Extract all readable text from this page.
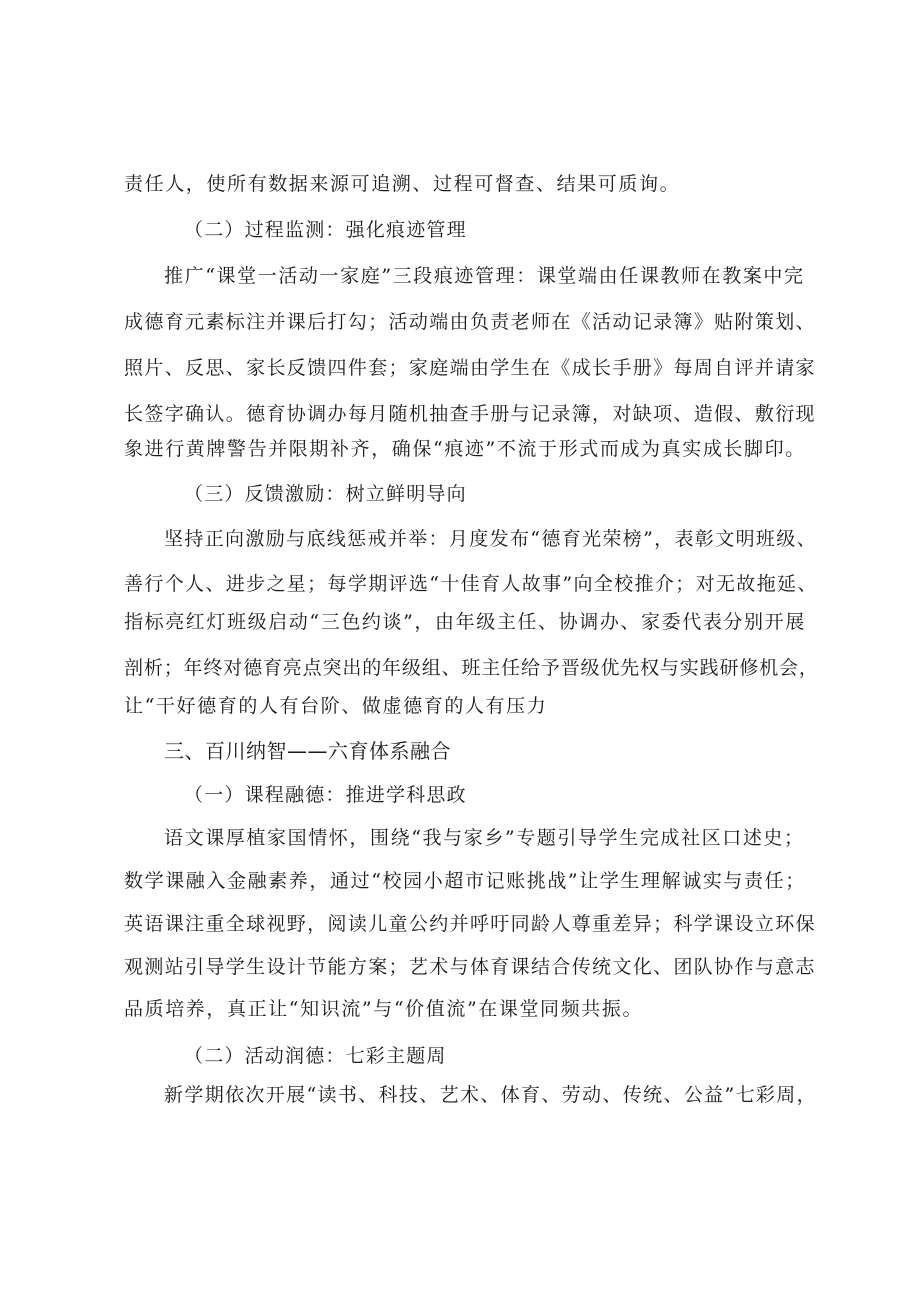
责任人，使所有数据来源可追溯、过程可督查、结果可质询。
（二）过程监测：强化痕迹管理
推广“课堂一活动一家庭”三段痕迹管理：课堂端由任课教师在教案中完
成德育元素标注并课后打勾；活动端由负责老师在《活动记录簿》贴附策划、
照片、反思、家长反馈四件套；家庭端由学生在《成长手册》每周自评并请家
长签字确认。德育协调办每月随机抽查手册与记录簿，对缺项、造假、敷衍现
象进行黄牌警告并限期补齐，确保“痕迹”不流于形式而成为真实成长脚印。
（三）反馈激励：树立鲜明导向
坚持正向激励与底线惩戒并举：月度发布“德育光荣榜”，表彰文明班级、
善行个人、进步之星；每学期评选“十佳育人故事”向全校推介；对无故拖延、
指标亮红灯班级启动“三色约谈”，由年级主任、协调办、家委代表分别开展
剖析；年终对德育亮点突出的年级组、班主任给予晋级优先权与实践研修机会，
让“干好德育的人有台阶、做虚德育的人有压力
三、百川纳智——六育体系融合
（一）课程融德：推进学科思政
语文课厚植家国情怀，围绕“我与家乡”专题引导学生完成社区口述史；
数学课融入金融素养，通过“校园小超市记账挑战”让学生理解诚实与责任；
英语课注重全球视野，阅读儿童公约并呼吁同龄人尊重差异；科学课设立环保
观测站引导学生设计节能方案；艺术与体育课结合传统文化、团队协作与意志
品质培养，真正让“知识流”与“价值流”在课堂同频共振。
（二）活动润德：七彩主题周
新学期依次开展“读书、科技、艺术、体育、劳动、传统、公益”七彩周，
